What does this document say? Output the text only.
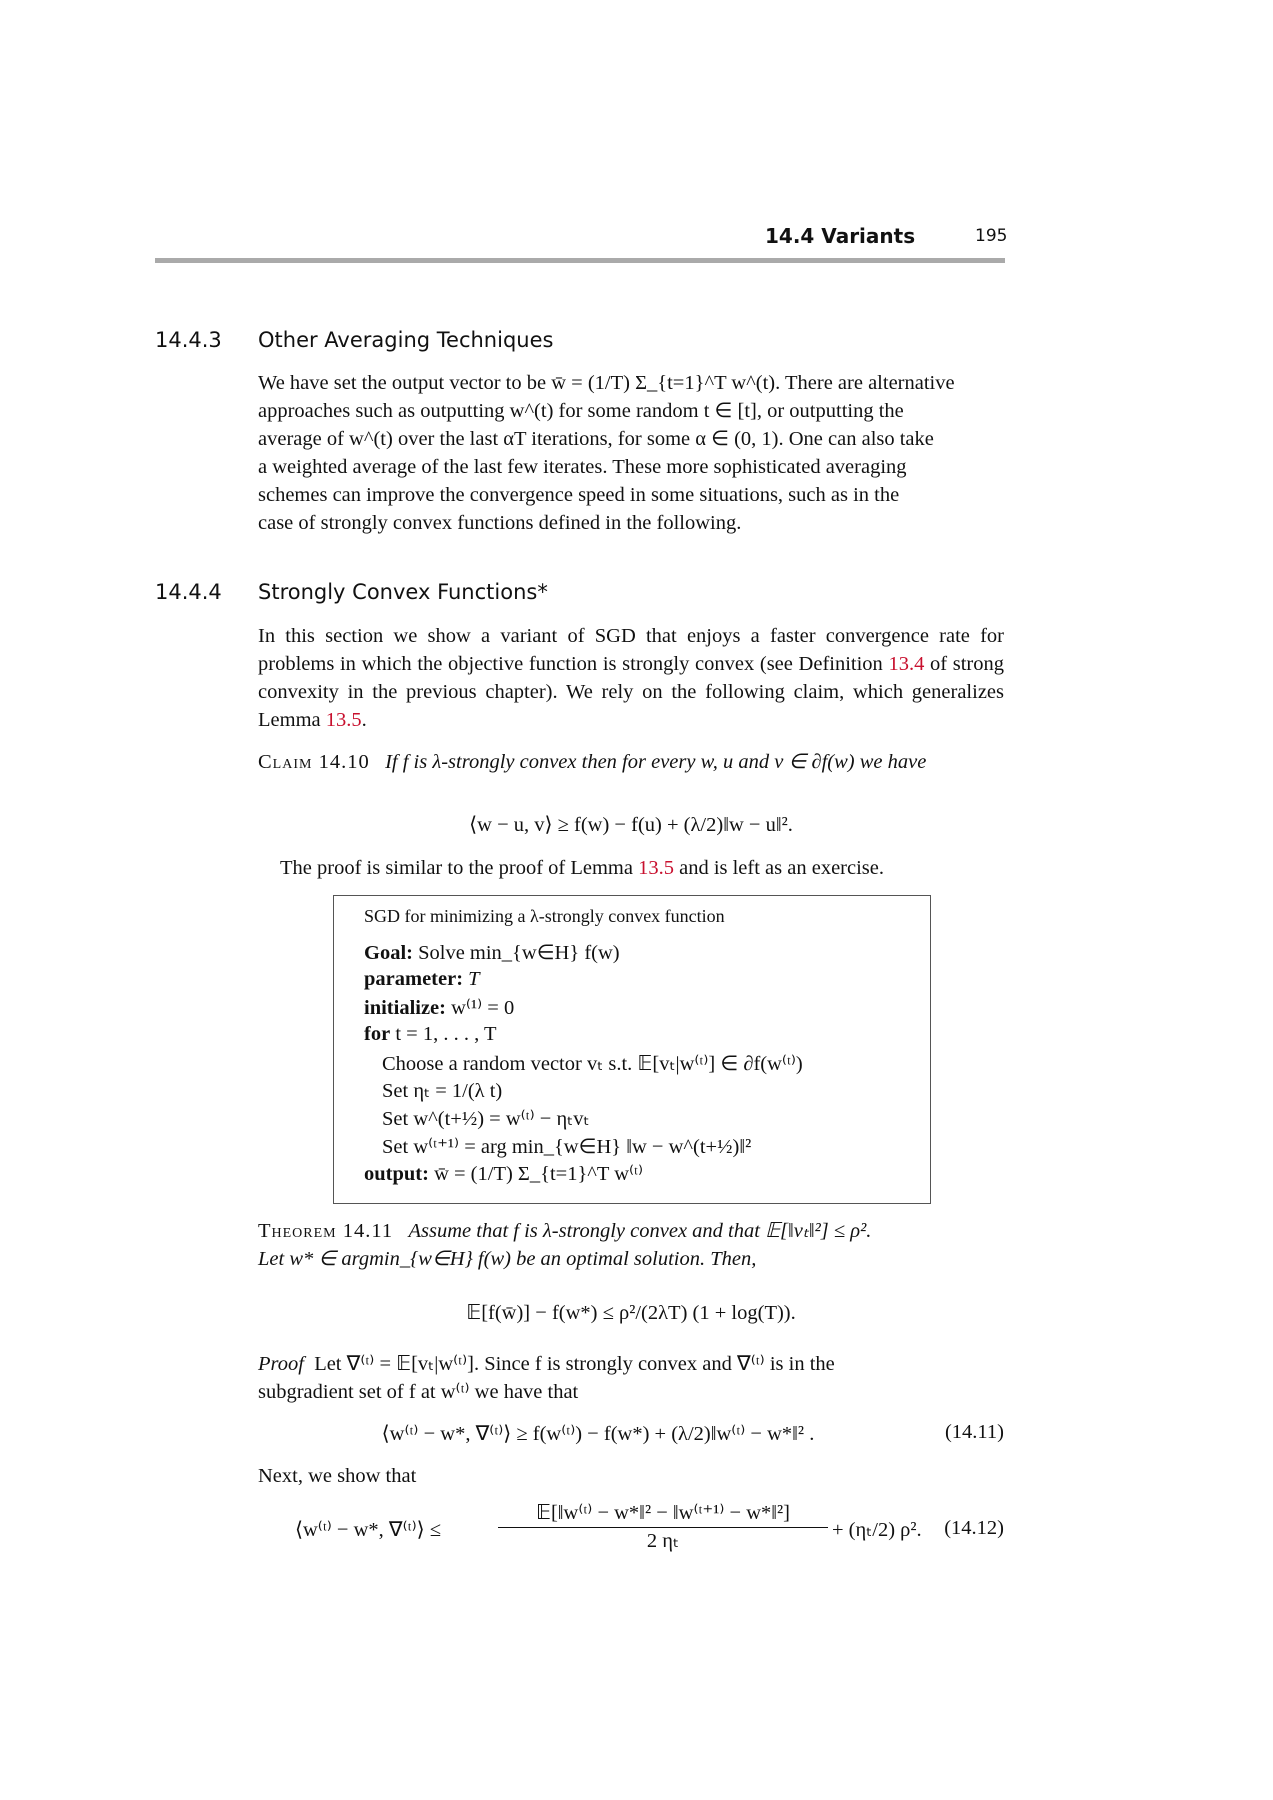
14.4 Variants	195
14.4.3 Other Averaging Techniques
We have set the output vector to be w̄ = (1/T) Σ_{t=1}^T w^(t). There are alternative
approaches such as outputting w^(t) for some random t ∈ [t], or outputting the
average of w^(t) over the last αT iterations, for some α ∈ (0, 1). One can also take
a weighted average of the last few iterates. These more sophisticated averaging
schemes can improve the convergence speed in some situations, such as in the
case of strongly convex functions defined in the following.
14.4.4 Strongly Convex Functions*
In this section we show a variant of SGD that enjoys a faster convergence rate for problems in which the objective function is strongly convex (see Definition 13.4 of strong convexity in the previous chapter). We rely on the following claim, which generalizes Lemma 13.5.
Claim 14.10 If f is λ-strongly convex then for every w, u and v ∈ ∂f(w) we have
⟨w − u, v⟩ ≥ f(w) − f(u) + (λ/2)‖w − u‖².
The proof is similar to the proof of Lemma 13.5 and is left as an exercise.
SGD for minimizing a λ-strongly convex function
Goal: Solve min_{w∈H} f(w)
parameter: T
initialize: w⁽¹⁾ = 0
for t = 1, . . . , T
Choose a random vector vₜ s.t. 𝔼[vₜ|w⁽ᵗ⁾] ∈ ∂f(w⁽ᵗ⁾)
Set ηₜ = 1/(λ t)
Set w^(t+½) = w⁽ᵗ⁾ − ηₜvₜ
Set w⁽ᵗ⁺¹⁾ = arg min_{w∈H} ‖w − w^(t+½)‖²
output: w̄ = (1/T) Σ_{t=1}^T w⁽ᵗ⁾
Theorem 14.11 Assume that f is λ-strongly convex and that 𝔼[‖vₜ‖²] ≤ ρ².
Let w* ∈ argmin_{w∈H} f(w) be an optimal solution. Then,
𝔼[f(w̄)] − f(w*) ≤ ρ²/(2λT) (1 + log(T)).
Proof Let ∇⁽ᵗ⁾ = 𝔼[vₜ|w⁽ᵗ⁾]. Since f is strongly convex and ∇⁽ᵗ⁾ is in the
subgradient set of f at w⁽ᵗ⁾ we have that
⟨w⁽ᵗ⁾ − w*, ∇⁽ᵗ⁾⟩ ≥ f(w⁽ᵗ⁾) − f(w*) + (λ/2)‖w⁽ᵗ⁾ − w*‖² .	(14.11)
Next, we show that
⟨w⁽ᵗ⁾ − w*, ∇⁽ᵗ⁾⟩ ≤
𝔼[‖w⁽ᵗ⁾ − w*‖² − ‖w⁽ᵗ⁺¹⁾ − w*‖²]
2 ηₜ	+ (ηₜ/2) ρ².	(14.12)
